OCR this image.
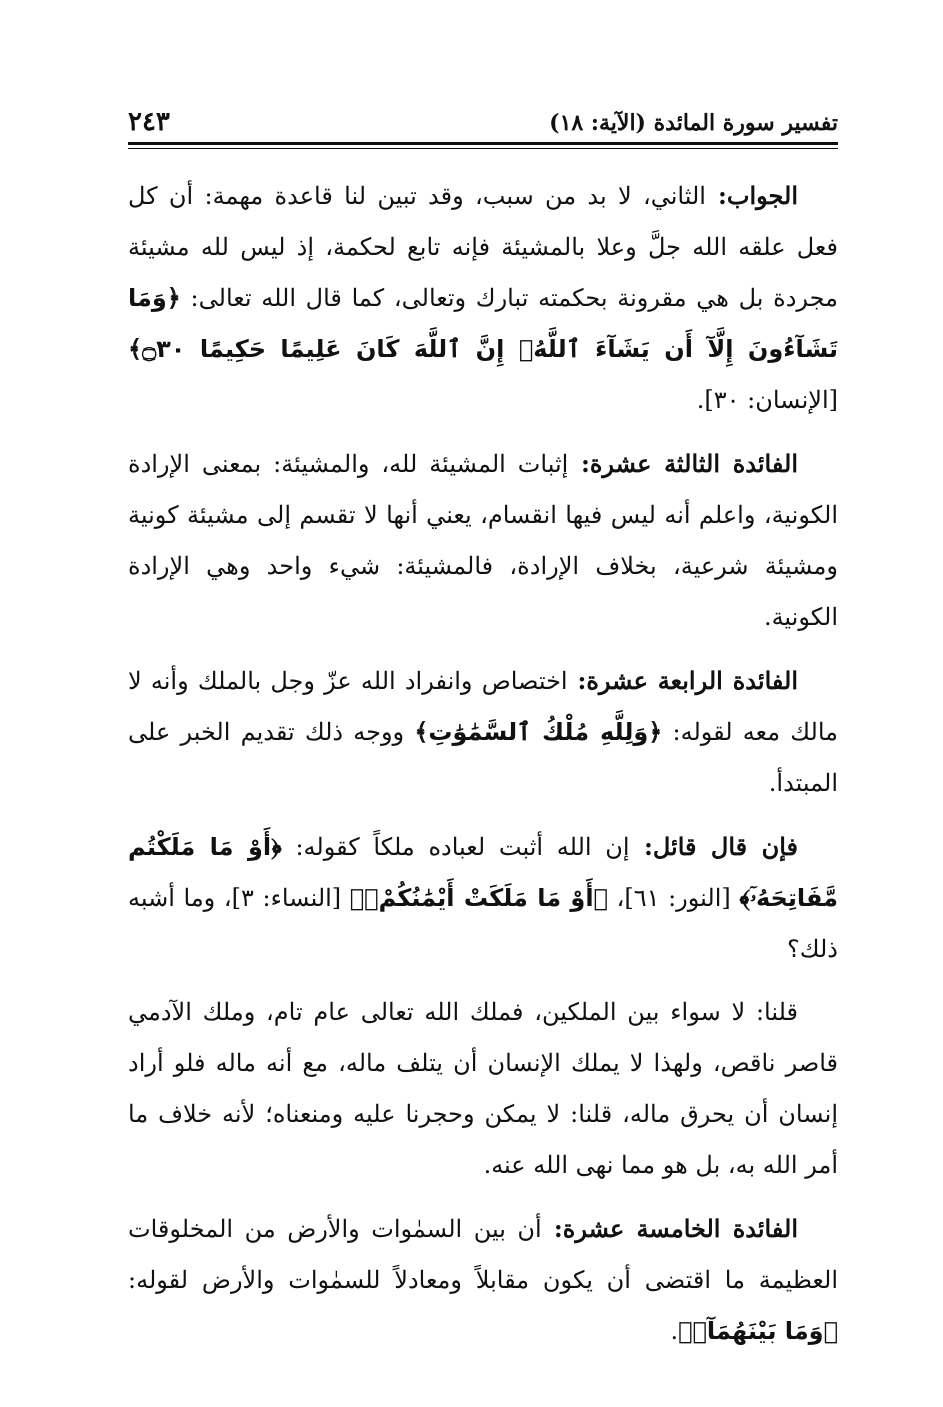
تفسير سورة المائدة (الآية: ١٨)
٢٤٣

الجواب: الثاني، لا بد من سبب، وقد تبين لنا قاعدة مهمة: أن كل فعل علقه الله جلَّ وعلا بالمشيئة فإنه تابع لحكمة، إذ ليس لله مشيئة مجردة بل هي مقرونة بحكمته تبارك وتعالى، كما قال الله تعالى: ﴿وَمَا تَشَآءُونَ إِلَّآ أَن يَشَآءَ ٱللَّهُۚ إِنَّ ٱللَّهَ كَانَ عَلِيمًا حَكِيمًا ۝٣٠﴾ [الإنسان: ٣٠].

الفائدة الثالثة عشرة: إثبات المشيئة لله، والمشيئة: بمعنى الإرادة الكونية، واعلم أنه ليس فيها انقسام، يعني أنها لا تقسم إلى مشيئة كونية ومشيئة شرعية، بخلاف الإرادة، فالمشيئة: شيء واحد وهي الإرادة الكونية.

الفائدة الرابعة عشرة: اختصاص وانفراد الله عزّ وجل بالملك وأنه لا مالك معه لقوله: ﴿وَلِلَّهِ مُلْكُ ٱلسَّمَٰوَٰتِ﴾ ووجه ذلك تقديم الخبر على المبتدأ.

فإن قال قائل: إن الله أثبت لعباده ملكاً كقوله: ﴿أَوْ مَا مَلَكْتُم مَّفَاتِحَهُۥٓ﴾ [النور: ٦١]، ﴿أَوْ مَا مَلَكَتْ أَيْمَٰنُكُمْۚ﴾ [النساء: ٣]، وما أشبه ذلك؟

قلنا: لا سواء بين الملكين، فملك الله تعالى عام تام، وملك الآدمي قاصر ناقص، ولهذا لا يملك الإنسان أن يتلف ماله، مع أنه ماله فلو أراد إنسان أن يحرق ماله، قلنا: لا يمكن وحجرنا عليه ومنعناه؛ لأنه خلاف ما أمر الله به، بل هو مما نهى الله عنه.

الفائدة الخامسة عشرة: أن بين السمٰوات والأرض من المخلوقات العظيمة ما اقتضى أن يكون مقابلاً ومعادلاً للسمٰوات والأرض لقوله: ﴿وَمَا بَيْنَهُمَآۚ﴾.
